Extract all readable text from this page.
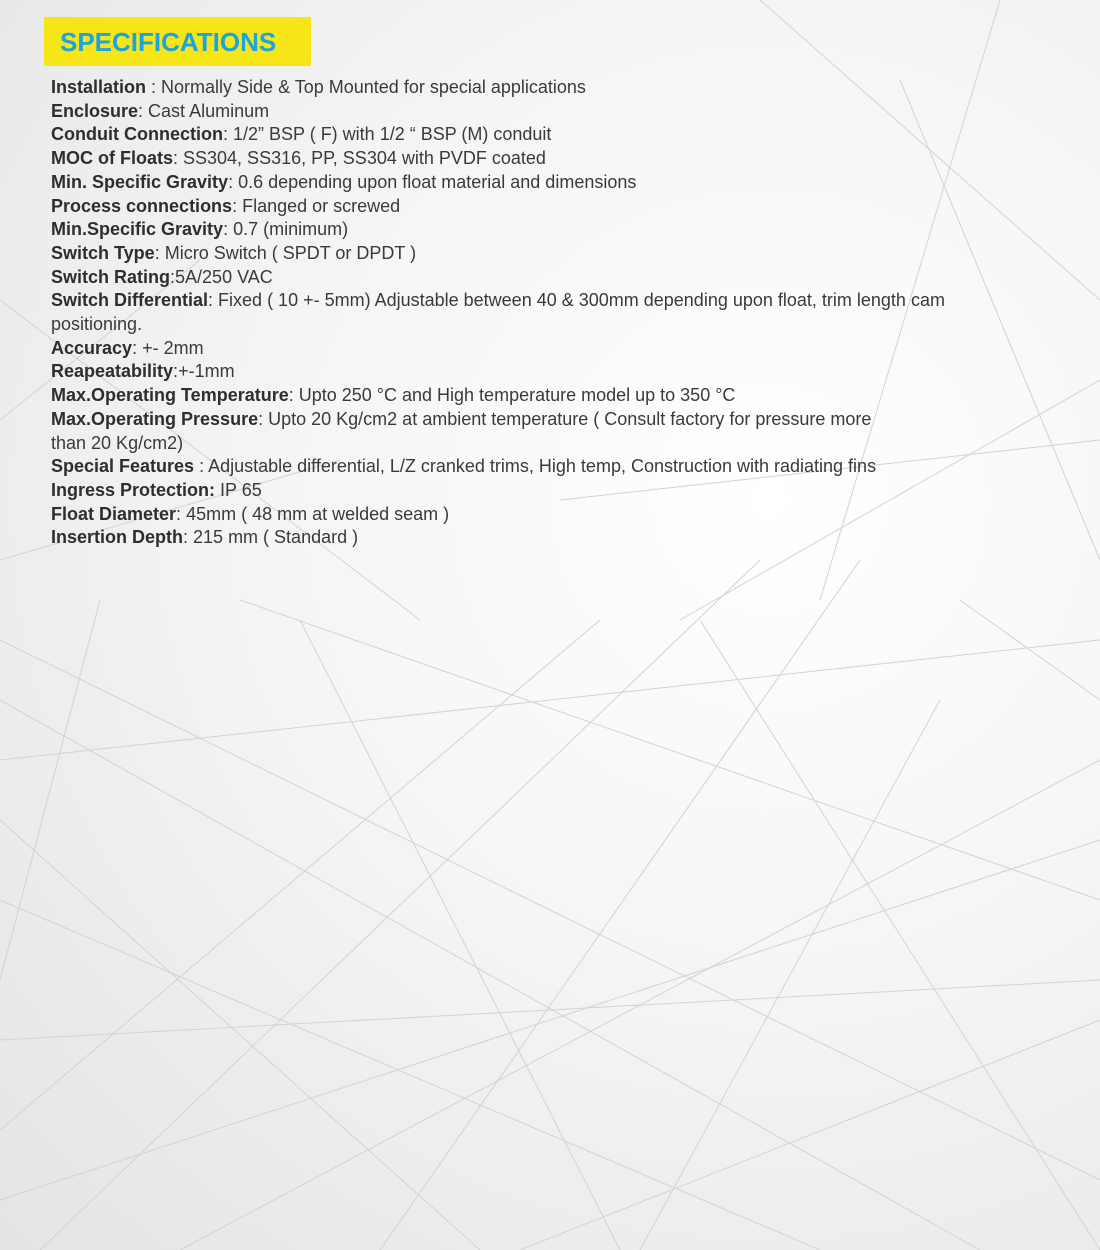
SPECIFICATIONS

Installation : Normally Side & Top Mounted for special applications

Enclosure: Cast Aluminum

Conduit Connection: 1/2” BSP ( F) with 1/2 “ BSP (M) conduit

MOC of Floats: SS304, SS316, PP, SS304 with PVDF coated

Min. Specific Gravity: 0.6 depending upon float material and dimensions

Process connections: Flanged or screwed

Min.Specific Gravity: 0.7 (minimum)

Switch Type: Micro Switch ( SPDT or DPDT )

Switch Rating:5A/250 VAC

Switch Differential: Fixed ( 10 +- 5mm) Adjustable between 40 & 300mm depending upon float, trim length cam positioning.

Accuracy: +- 2mm

Reapeatability:+-1mm

Max.Operating Temperature: Upto 250 °C and High temperature model up to 350 °C

Max.Operating Pressure: Upto 20 Kg/cm2 at ambient temperature ( Consult factory for pressure more than 20 Kg/cm2)

Special Features : Adjustable differential, L/Z cranked trims, High temp, Construction with radiating fins

Ingress Protection: IP 65

Float Diameter: 45mm ( 48 mm at welded seam )

Insertion Depth: 215 mm ( Standard )
